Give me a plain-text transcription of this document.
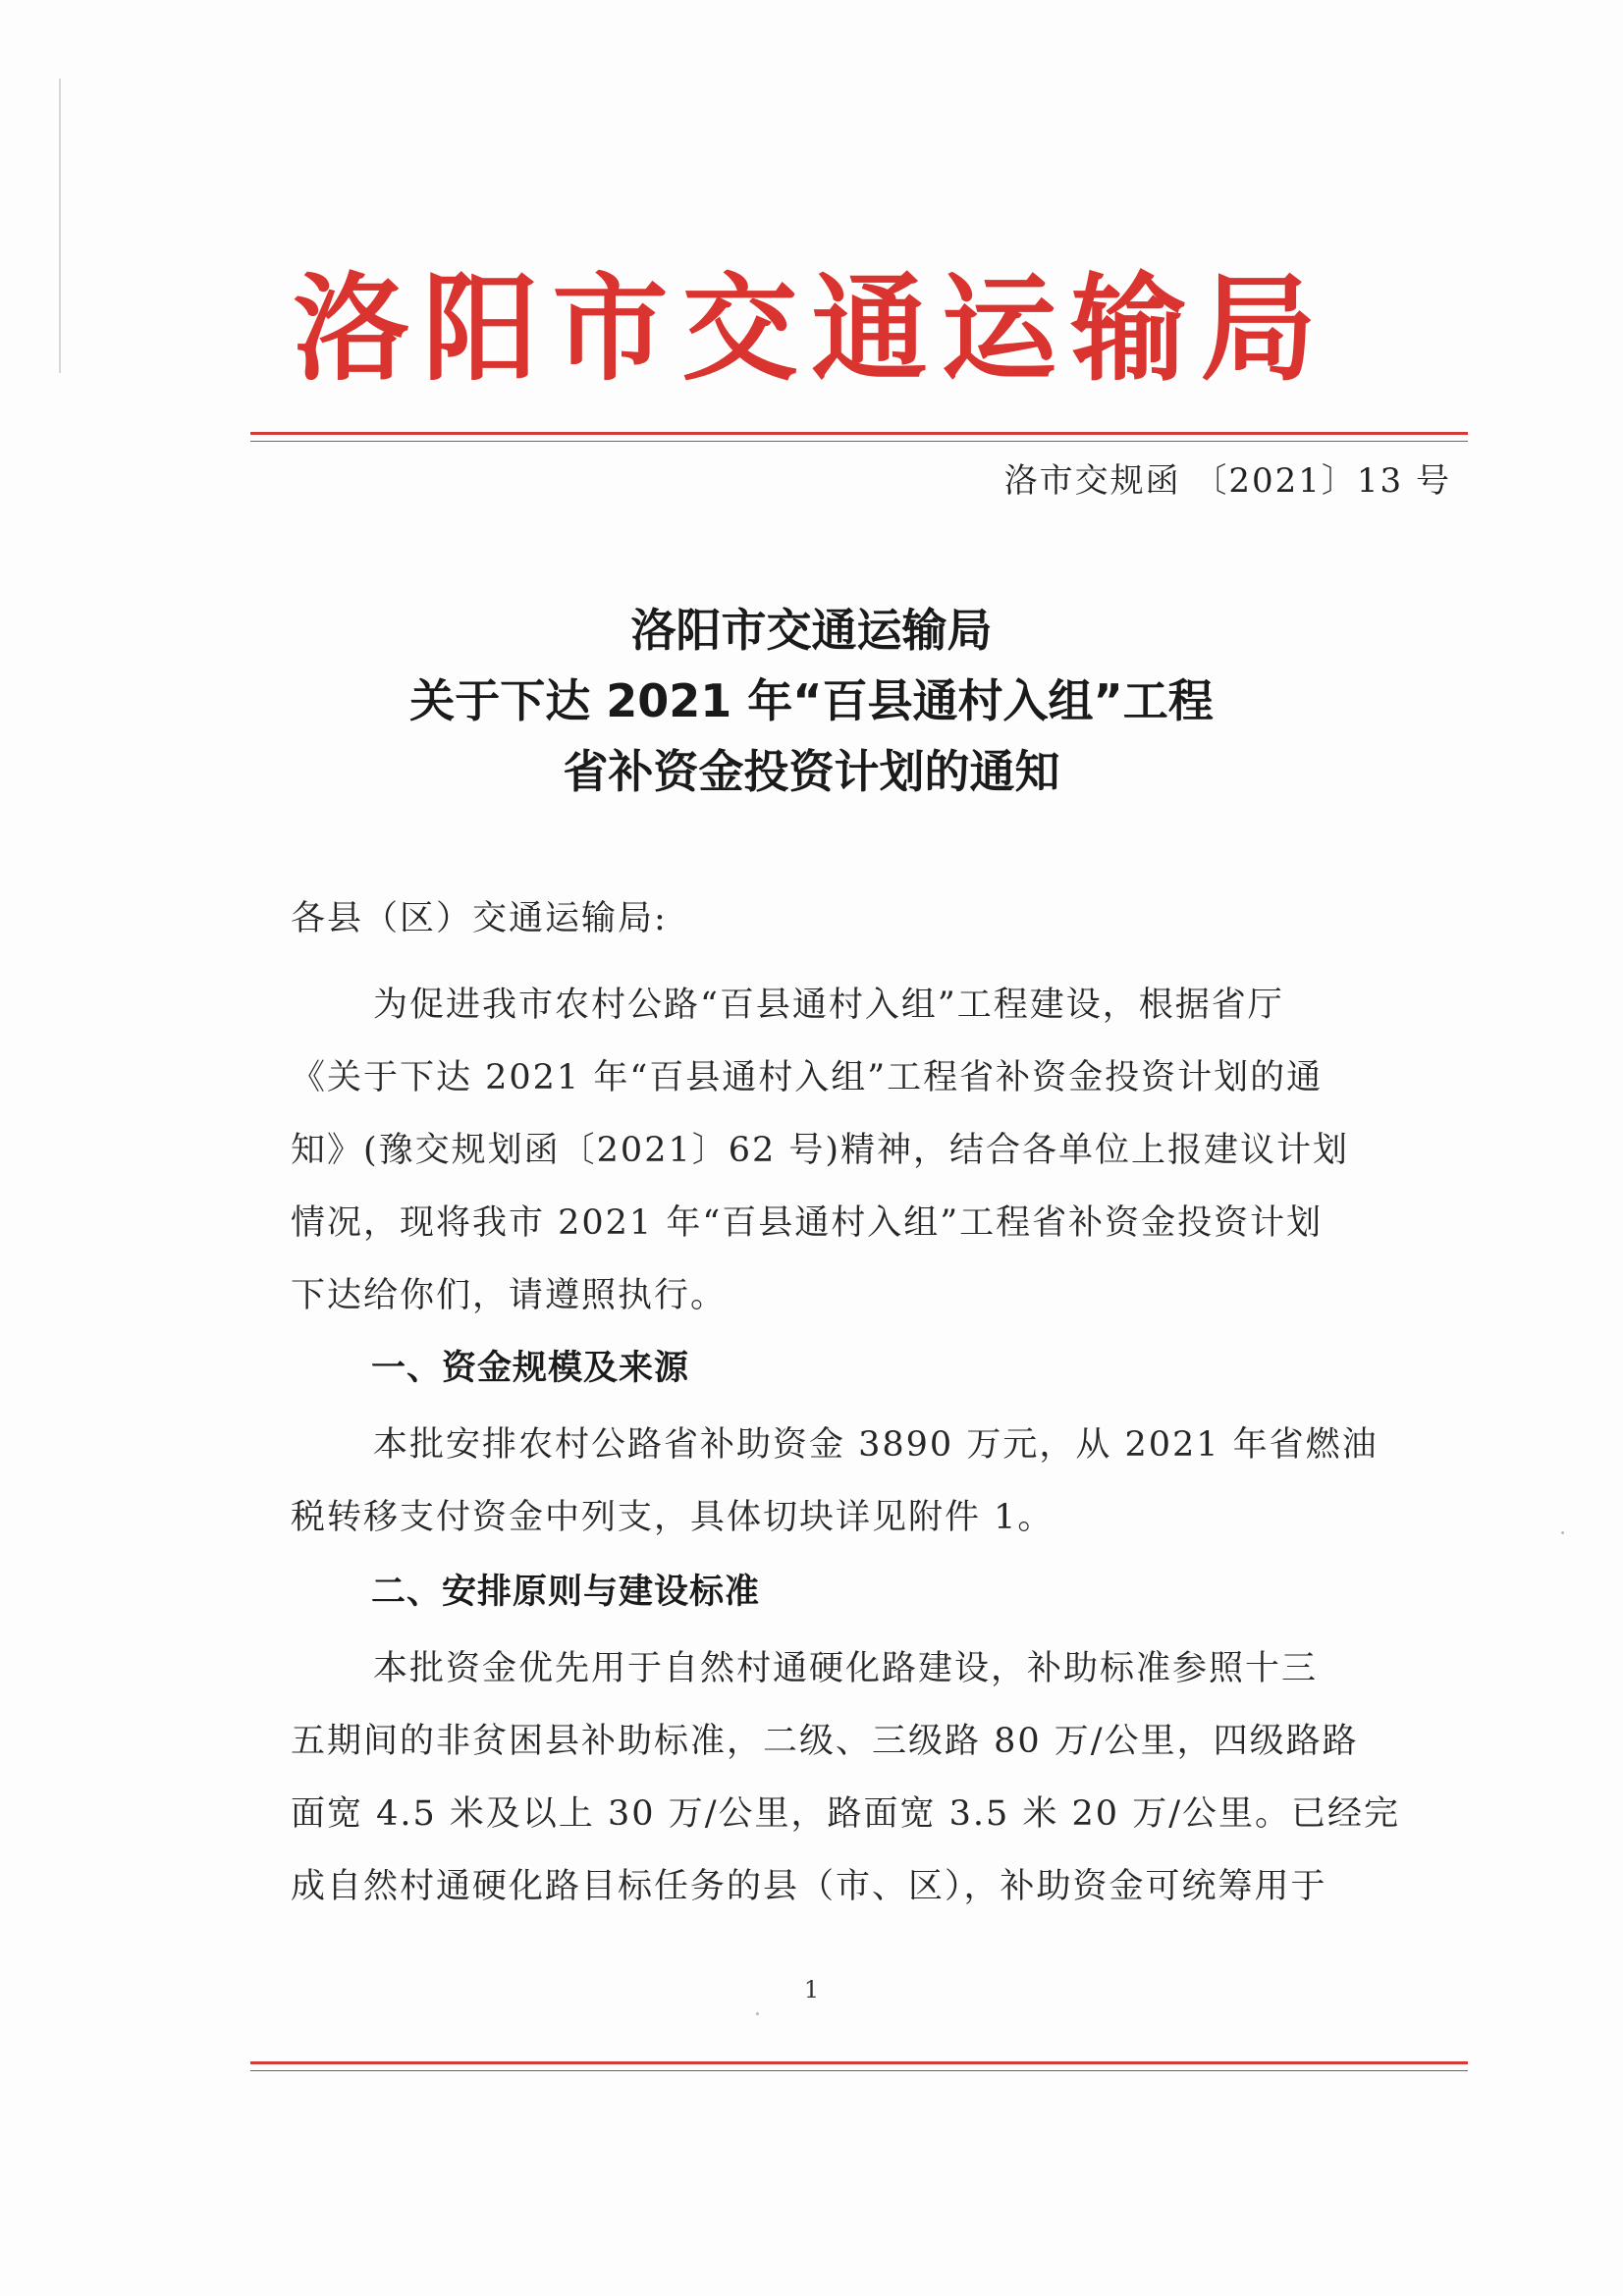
洛阳市交通运输局
洛市交规函 〔2021〕13 号
洛阳市交通运输局
关于下达 2021 年“百县通村入组”工程
省补资金投资计划的通知
各县（区）交通运输局:
为促进我市农村公路“百县通村入组”工程建设，根据省厅
《关于下达 2021 年“百县通村入组”工程省补资金投资计划的通
知》(豫交规划函〔2021〕62 号)精神，结合各单位上报建议计划
情况，现将我市 2021 年“百县通村入组”工程省补资金投资计划
下达给你们，请遵照执行。
一、资金规模及来源
本批安排农村公路省补助资金 3890 万元，从 2021 年省燃油
税转移支付资金中列支，具体切块详见附件 1。
二、安排原则与建设标准
本批资金优先用于自然村通硬化路建设，补助标准参照十三
五期间的非贫困县补助标准，二级、三级路 80 万/公里，四级路路
面宽 4.5 米及以上 30 万/公里，路面宽 3.5 米 20 万/公里。已经完
成自然村通硬化路目标任务的县（市、区），补助资金可统筹用于
1
